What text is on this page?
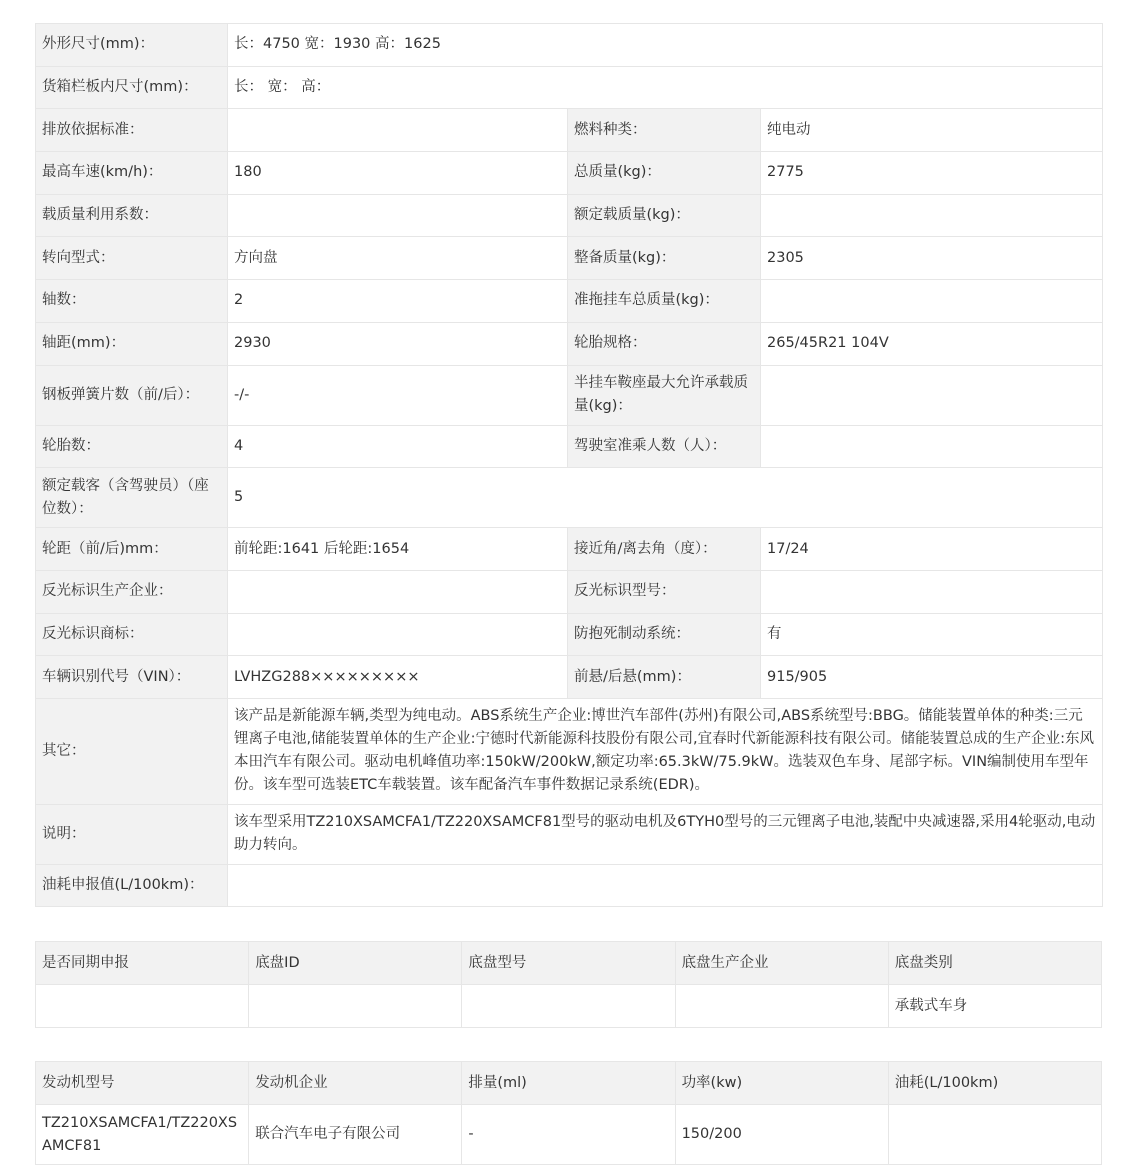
外形尺寸(mm)：	长：4750 宽：1930 高：1625		
货箱栏板内尺寸(mm)：	长： 宽： 高：		
排放依据标准：		燃料种类：	纯电动
最高车速(km/h)：	180	总质量(kg)：	2775
载质量利用系数：		额定载质量(kg)：	
转向型式：	方向盘	整备质量(kg)：	2305
轴数：	2	准拖挂车总质量(kg)：	
轴距(mm)：	2930	轮胎规格：	265/45R21 104V
钢板弹簧片数（前/后）：	-/-	半挂车鞍座最大允许承载质量(kg)：	
轮胎数：	4	驾驶室准乘人数（人）：	
额定载客（含驾驶员）（座位数）：	5		
轮距（前/后)mm：	前轮距:1641 后轮距:1654	接近角/离去角（度）：	17/24
反光标识生产企业：		反光标识型号：	
反光标识商标：		防抱死制动系统：	有
车辆识别代号（VIN）：	LVHZG288×××××××××	前悬/后悬(mm)：	915/905
其它：	该产品是新能源车辆,类型为纯电动。ABS系统生产企业:博世汽车部件(苏州)有限公司,ABS系统型号:BBG。储能装置单体的种类:三元锂离子电池,储能装置单体的生产企业:宁德时代新能源科技股份有限公司,宜春时代新能源科技有限公司。储能装置总成的生产企业:东风本田汽车有限公司。驱动电机峰值功率:150kW/200kW,额定功率:65.3kW/75.9kW。选装双色车身、尾部字标。VIN编制使用车型年份。该车型可选装ETC车载装置。该车配备汽车事件数据记录系统(EDR)。		
说明：	该车型采用TZ210XSAMCFA1/TZ220XSAMCF81型号的驱动电机及6TYH0型号的三元锂离子电池,装配中央减速器,采用4轮驱动,电动助力转向。		
油耗申报值(L/100km)：			
是否同期申报	底盘ID	底盘型号	底盘生产企业	底盘类别
				承载式车身
发动机型号	发动机企业	排量(ml)	功率(kw)	油耗(L/100km)
TZ210XSAMCFA1/TZ220XSAMCF81	联合汽车电子有限公司	-	150/200	
